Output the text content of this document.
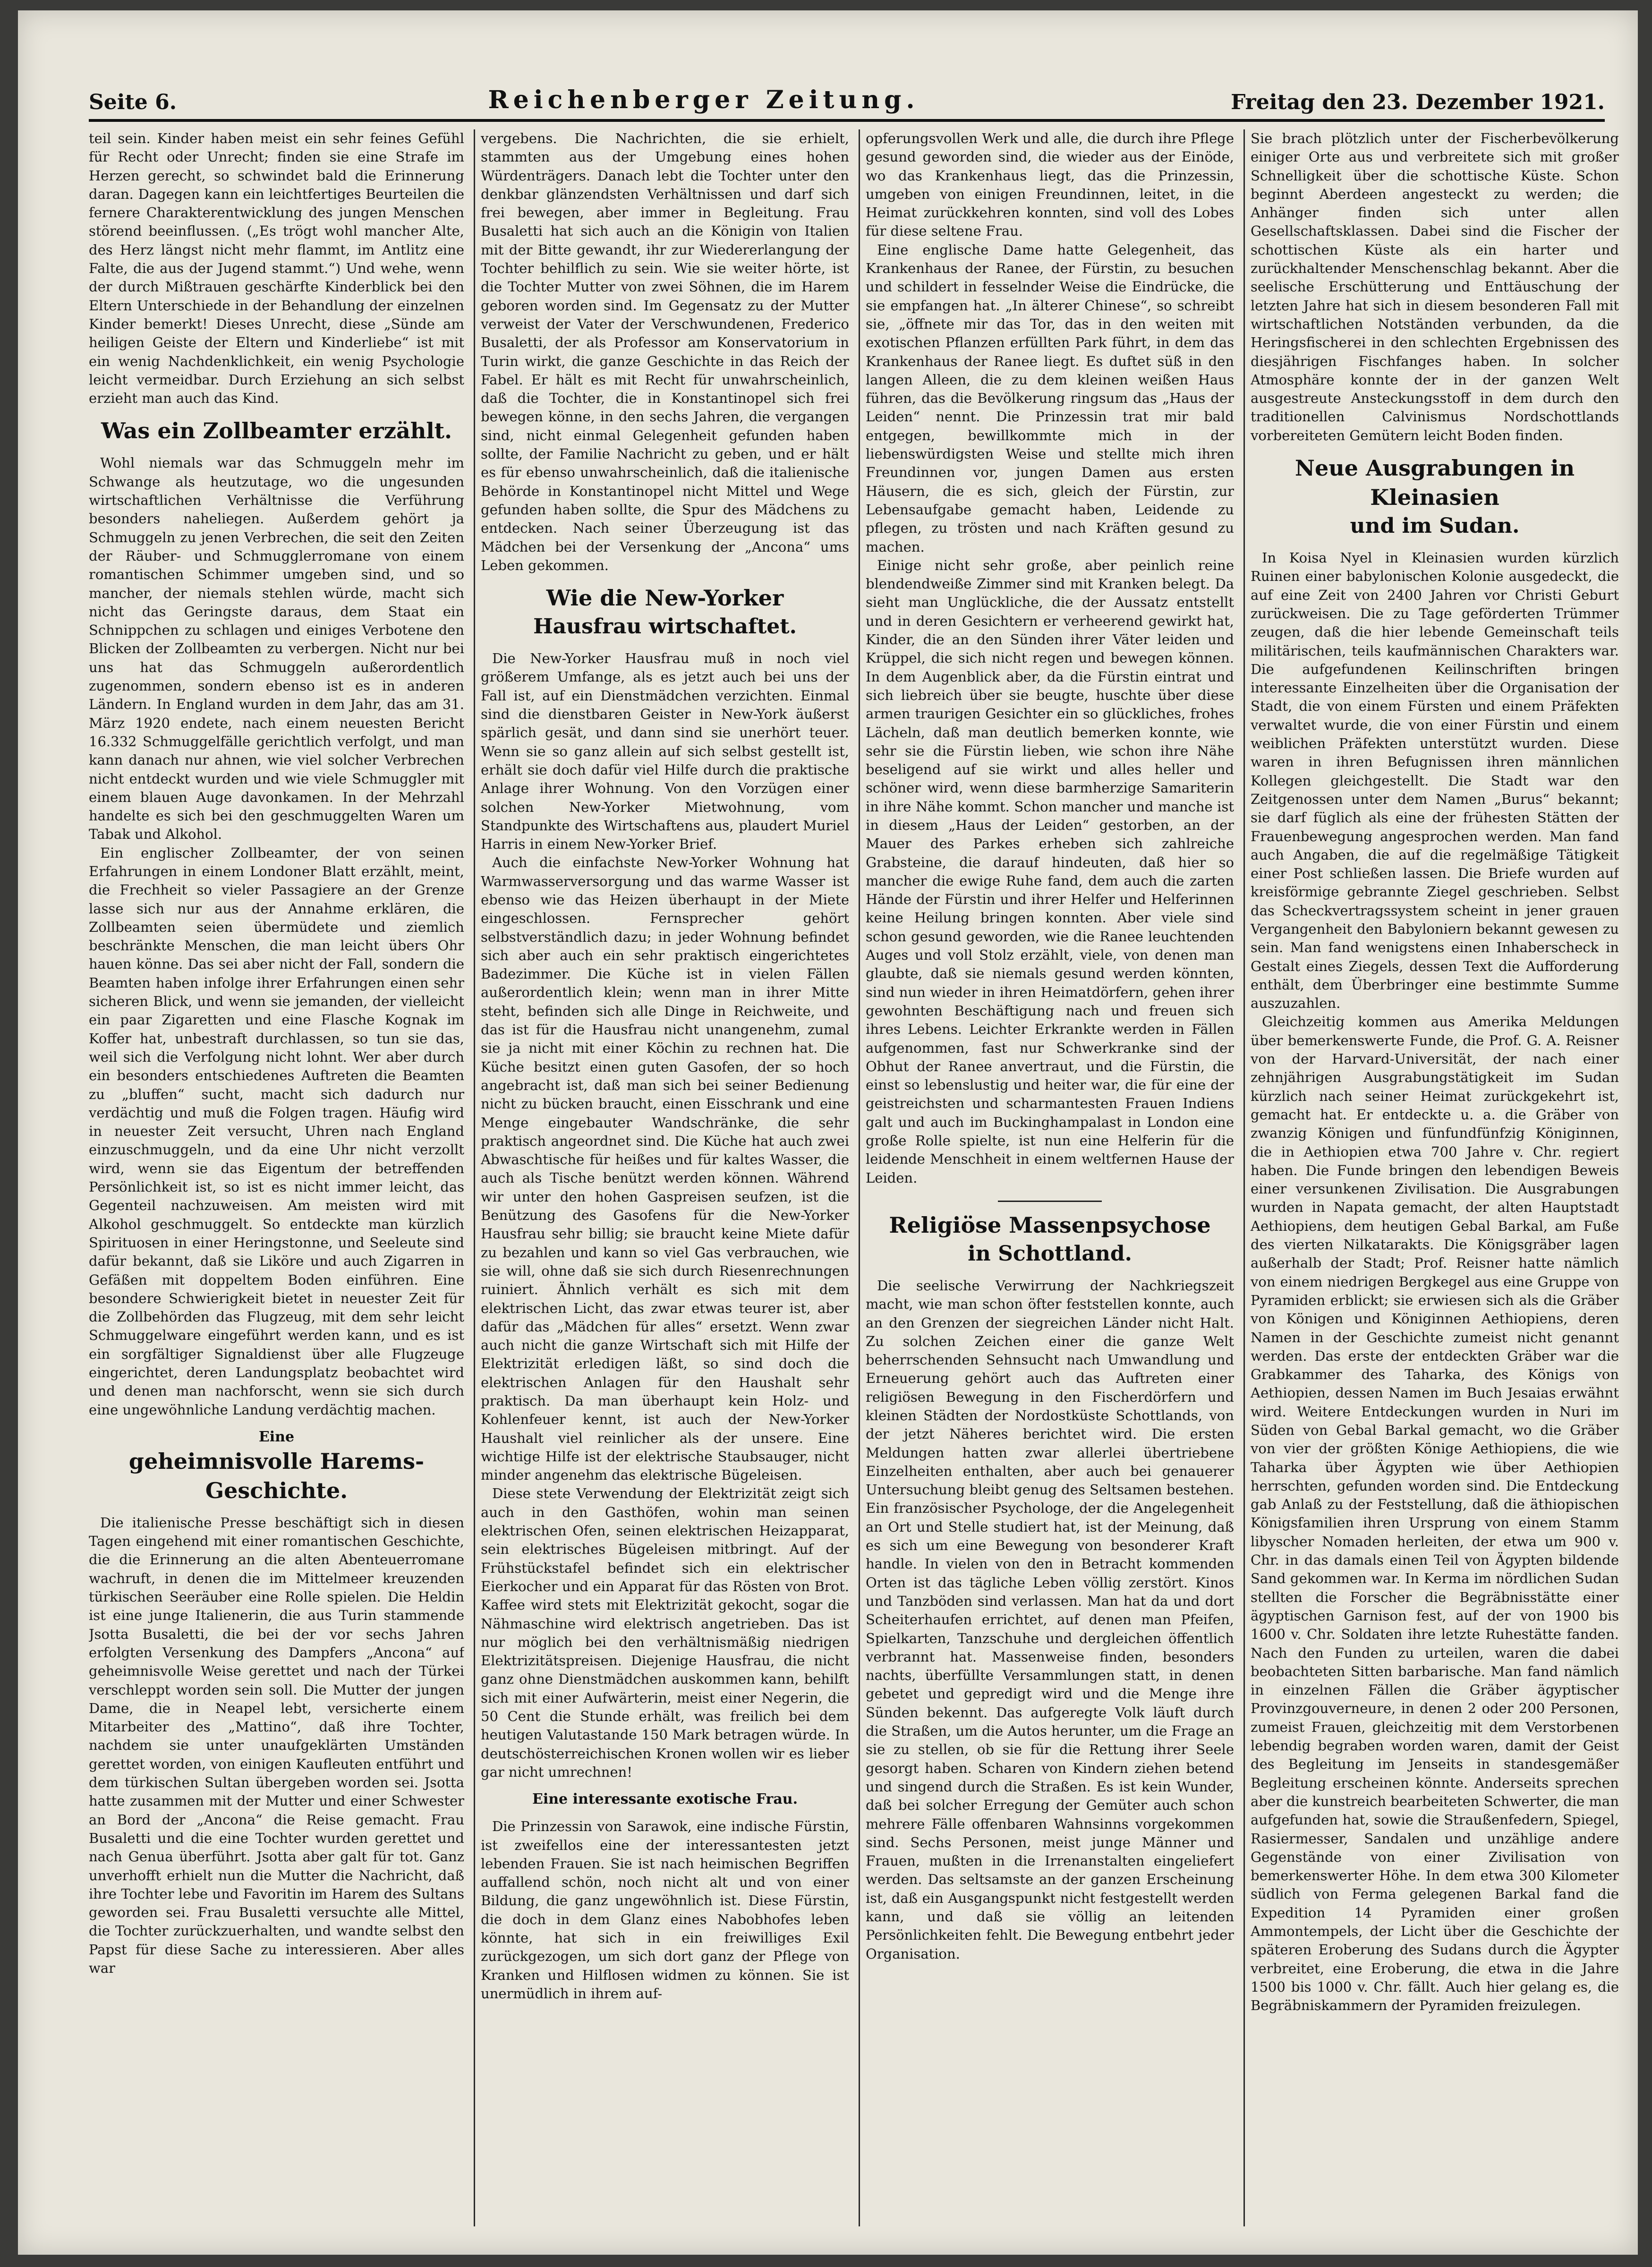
Seite 6.	Reichenberger Zeitung.	Freitag den 23. Dezember 1921.

teil sein. Kinder haben meist ein sehr feines Gefühl für Recht oder Unrecht; finden sie eine Strafe im Herzen gerecht, so schwindet bald die Erinnerung daran. Dagegen kann ein leichtfertiges Beurteilen die fernere Charakterentwicklung des jungen Menschen störend beeinflussen. („Es trögt wohl mancher Alte, des Herz längst nicht mehr flammt, im Antlitz eine Falte, die aus der Jugend stammt.“) Und wehe, wenn der durch Mißtrauen geschärfte Kinderblick bei den Eltern Unterschiede in der Behandlung der einzelnen Kinder bemerkt! Dieses Unrecht, diese „Sünde am heiligen Geiste der Eltern und Kinderliebe“ ist mit ein wenig Nachdenklichkeit, ein wenig Psychologie leicht vermeidbar. Durch Erziehung an sich selbst erzieht man auch das Kind.

Was ein Zollbeamter erzählt.

Wohl niemals war das Schmuggeln mehr im Schwange als heutzutage, wo die ungesunden wirtschaftlichen Verhältnisse die Verführung besonders naheliegen. Außerdem gehört ja Schmuggeln zu jenen Verbrechen, die seit den Zeiten der Räuber- und Schmugglerromane von einem romantischen Schimmer umgeben sind, und so mancher, der niemals stehlen würde, macht sich nicht das Geringste daraus, dem Staat ein Schnippchen zu schlagen und einiges Verbotene den Blicken der Zollbeamten zu verbergen. Nicht nur bei uns hat das Schmuggeln außerordentlich zugenommen, sondern ebenso ist es in anderen Ländern. In England wurden in dem Jahr, das am 31. März 1920 endete, nach einem neuesten Bericht 16.332 Schmuggelfälle gerichtlich verfolgt, und man kann danach nur ahnen, wie viel solcher Verbrechen nicht entdeckt wurden und wie viele Schmuggler mit einem blauen Auge davonkamen. In der Mehrzahl handelte es sich bei den geschmuggelten Waren um Tabak und Alkohol.

Ein englischer Zollbeamter, der von seinen Erfahrungen in einem Londoner Blatt erzählt, meint, die Frechheit so vieler Passagiere an der Grenze lasse sich nur aus der Annahme erklären, die Zollbeamten seien übermüdete und ziemlich beschränkte Menschen, die man leicht übers Ohr hauen könne. Das sei aber nicht der Fall, sondern die Beamten haben infolge ihrer Erfahrungen einen sehr sicheren Blick, und wenn sie jemanden, der vielleicht ein paar Zigaretten und eine Flasche Kognak im Koffer hat, unbestraft durchlassen, so tun sie das, weil sich die Verfolgung nicht lohnt. Wer aber durch ein besonders entschiedenes Auftreten die Beamten zu „bluffen“ sucht, macht sich dadurch nur verdächtig und muß die Folgen tragen. Häufig wird in neuester Zeit versucht, Uhren nach England einzuschmuggeln, und da eine Uhr nicht verzollt wird, wenn sie das Eigentum der betreffenden Persönlichkeit ist, so ist es nicht immer leicht, das Gegenteil nachzuweisen. Am meisten wird mit Alkohol geschmuggelt. So entdeckte man kürzlich Spirituosen in einer Heringstonne, und Seeleute sind dafür bekannt, daß sie Liköre und auch Zigarren in Gefäßen mit doppeltem Boden einführen. Eine besondere Schwierigkeit bietet in neuester Zeit für die Zollbehörden das Flugzeug, mit dem sehr leicht Schmuggelware eingeführt werden kann, und es ist ein sorgfältiger Signaldienst über alle Flugzeuge eingerichtet, deren Landungsplatz beobachtet wird und denen man nachforscht, wenn sie sich durch eine ungewöhnliche Landung verdächtig machen.

Eine
geheimnisvolle Harems-Geschichte.

Die italienische Presse beschäftigt sich in diesen Tagen eingehend mit einer romantischen Geschichte, die die Erinnerung an die alten Abenteuerromane wachruft, in denen die im Mittelmeer kreuzenden türkischen Seeräuber eine Rolle spielen. Die Heldin ist eine junge Italienerin, die aus Turin stammende Jsotta Busaletti, die bei der vor sechs Jahren erfolgten Versenkung des Dampfers „Ancona“ auf geheimnisvolle Weise gerettet und nach der Türkei verschleppt worden sein soll. Die Mutter der jungen Dame, die in Neapel lebt, versicherte einem Mitarbeiter des „Mattino“, daß ihre Tochter, nachdem sie unter unaufgeklärten Umständen gerettet worden, von einigen Kaufleuten entführt und dem türkischen Sultan übergeben worden sei. Jsotta hatte zusammen mit der Mutter und einer Schwester an Bord der „Ancona“ die Reise gemacht. Frau Busaletti und die eine Tochter wurden gerettet und nach Genua überführt. Jsotta aber galt für tot. Ganz unverhofft erhielt nun die Mutter die Nachricht, daß ihre Tochter lebe und Favoritin im Harem des Sultans geworden sei. Frau Busaletti versuchte alle Mittel, die Tochter zurückzuerhalten, und wandte selbst den Papst für diese Sache zu interessieren. Aber alles war

vergebens. Die Nachrichten, die sie erhielt, stammten aus der Umgebung eines hohen Würdenträgers. Danach lebt die Tochter unter den denkbar glänzendsten Verhältnissen und darf sich frei bewegen, aber immer in Begleitung. Frau Busaletti hat sich auch an die Königin von Italien mit der Bitte gewandt, ihr zur Wiedererlangung der Tochter behilflich zu sein. Wie sie weiter hörte, ist die Tochter Mutter von zwei Söhnen, die im Harem geboren worden sind. Im Gegensatz zu der Mutter verweist der Vater der Verschwundenen, Frederico Busaletti, der als Professor am Konservatorium in Turin wirkt, die ganze Geschichte in das Reich der Fabel. Er hält es mit Recht für unwahrscheinlich, daß die Tochter, die in Konstantinopel sich frei bewegen könne, in den sechs Jahren, die vergangen sind, nicht einmal Gelegenheit gefunden haben sollte, der Familie Nachricht zu geben, und er hält es für ebenso unwahrscheinlich, daß die italienische Behörde in Konstantinopel nicht Mittel und Wege gefunden haben sollte, die Spur des Mädchens zu entdecken. Nach seiner Überzeugung ist das Mädchen bei der Versenkung der „Ancona“ ums Leben gekommen.

Wie die New-Yorker
Hausfrau wirtschaftet.

Die New-Yorker Hausfrau muß in noch viel größerem Umfange, als es jetzt auch bei uns der Fall ist, auf ein Dienstmädchen verzichten. Einmal sind die dienstbaren Geister in New-York äußerst spärlich gesät, und dann sind sie unerhört teuer. Wenn sie so ganz allein auf sich selbst gestellt ist, erhält sie doch dafür viel Hilfe durch die praktische Anlage ihrer Wohnung. Von den Vorzügen einer solchen New-Yorker Mietwohnung, vom Standpunkte des Wirtschaftens aus, plaudert Muriel Harris in einem New-Yorker Brief.

Auch die einfachste New-Yorker Wohnung hat Warmwasserversorgung und das warme Wasser ist ebenso wie das Heizen überhaupt in der Miete eingeschlossen. Fernsprecher gehört selbstverständlich dazu; in jeder Wohnung befindet sich aber auch ein sehr praktisch eingerichtetes Badezimmer. Die Küche ist in vielen Fällen außerordentlich klein; wenn man in ihrer Mitte steht, befinden sich alle Dinge in Reichweite, und das ist für die Hausfrau nicht unangenehm, zumal sie ja nicht mit einer Köchin zu rechnen hat. Die Küche besitzt einen guten Gasofen, der so hoch angebracht ist, daß man sich bei seiner Bedienung nicht zu bücken braucht, einen Eisschrank und eine Menge eingebauter Wandschränke, die sehr praktisch angeordnet sind. Die Küche hat auch zwei Abwaschtische für heißes und für kaltes Wasser, die auch als Tische benützt werden können. Während wir unter den hohen Gaspreisen seufzen, ist die Benützung des Gasofens für die New-Yorker Hausfrau sehr billig; sie braucht keine Miete dafür zu bezahlen und kann so viel Gas verbrauchen, wie sie will, ohne daß sie sich durch Riesenrechnungen ruiniert. Ähnlich verhält es sich mit dem elektrischen Licht, das zwar etwas teurer ist, aber dafür das „Mädchen für alles“ ersetzt. Wenn zwar auch nicht die ganze Wirtschaft sich mit Hilfe der Elektrizität erledigen läßt, so sind doch die elektrischen Anlagen für den Haushalt sehr praktisch. Da man überhaupt kein Holz- und Kohlenfeuer kennt, ist auch der New-Yorker Haushalt viel reinlicher als der unsere. Eine wichtige Hilfe ist der elektrische Staubsauger, nicht minder angenehm das elektrische Bügeleisen.

Diese stete Verwendung der Elektrizität zeigt sich auch in den Gasthöfen, wohin man seinen elektrischen Ofen, seinen elektrischen Heizapparat, sein elektrisches Bügeleisen mitbringt. Auf der Frühstückstafel befindet sich ein elektrischer Eierkocher und ein Apparat für das Rösten von Brot. Kaffee wird stets mit Elektrizität gekocht, sogar die Nähmaschine wird elektrisch angetrieben. Das ist nur möglich bei den verhältnismäßig niedrigen Elektrizitätspreisen. Diejenige Hausfrau, die nicht ganz ohne Dienstmädchen auskommen kann, behilft sich mit einer Aufwärterin, meist einer Negerin, die 50 Cent die Stunde erhält, was freilich bei dem heutigen Valutastande 150 Mark betragen würde. In deutschösterreichischen Kronen wollen wir es lieber gar nicht umrechnen!

Eine interessante exotische Frau.

Die Prinzessin von Sarawok, eine indische Fürstin, ist zweifellos eine der interessantesten jetzt lebenden Frauen. Sie ist nach heimischen Begriffen auffallend schön, noch nicht alt und von einer Bildung, die ganz ungewöhnlich ist. Diese Fürstin, die doch in dem Glanz eines Nabobhofes leben könnte, hat sich in ein freiwilliges Exil zurückgezogen, um sich dort ganz der Pflege von Kranken und Hilflosen widmen zu können. Sie ist unermüdlich in ihrem auf-

opferungsvollen Werk und alle, die durch ihre Pflege gesund geworden sind, die wieder aus der Einöde, wo das Krankenhaus liegt, das die Prinzessin, umgeben von einigen Freundinnen, leitet, in die Heimat zurückkehren konnten, sind voll des Lobes für diese seltene Frau.

Eine englische Dame hatte Gelegenheit, das Krankenhaus der Ranee, der Fürstin, zu besuchen und schildert in fesselnder Weise die Eindrücke, die sie empfangen hat. „In älterer Chinese“, so schreibt sie, „öffnete mir das Tor, das in den weiten mit exotischen Pflanzen erfüllten Park führt, in dem das Krankenhaus der Ranee liegt. Es duftet süß in den langen Alleen, die zu dem kleinen weißen Haus führen, das die Bevölkerung ringsum das „Haus der Leiden“ nennt. Die Prinzessin trat mir bald entgegen, bewillkommte mich in der liebenswürdigsten Weise und stellte mich ihren Freundinnen vor, jungen Damen aus ersten Häusern, die es sich, gleich der Fürstin, zur Lebensaufgabe gemacht haben, Leidende zu pflegen, zu trösten und nach Kräften gesund zu machen.

Einige nicht sehr große, aber peinlich reine blendendweiße Zimmer sind mit Kranken belegt. Da sieht man Unglückliche, die der Aussatz entstellt und in deren Gesichtern er verheerend gewirkt hat, Kinder, die an den Sünden ihrer Väter leiden und Krüppel, die sich nicht regen und bewegen können. In dem Augenblick aber, da die Fürstin eintrat und sich liebreich über sie beugte, huschte über diese armen traurigen Gesichter ein so glückliches, frohes Lächeln, daß man deutlich bemerken konnte, wie sehr sie die Fürstin lieben, wie schon ihre Nähe beseligend auf sie wirkt und alles heller und schöner wird, wenn diese barmherzige Samariterin in ihre Nähe kommt. Schon mancher und manche ist in diesem „Haus der Leiden“ gestorben, an der Mauer des Parkes erheben sich zahlreiche Grabsteine, die darauf hindeuten, daß hier so mancher die ewige Ruhe fand, dem auch die zarten Hände der Fürstin und ihrer Helfer und Helferinnen keine Heilung bringen konnten. Aber viele sind schon gesund geworden, wie die Ranee leuchtenden Auges und voll Stolz erzählt, viele, von denen man glaubte, daß sie niemals gesund werden könnten, sind nun wieder in ihren Heimatdörfern, gehen ihrer gewohnten Beschäftigung nach und freuen sich ihres Lebens. Leichter Erkrankte werden in Fällen aufgenommen, fast nur Schwerkranke sind der Obhut der Ranee anvertraut, und die Fürstin, die einst so lebenslustig und heiter war, die für eine der geistreichsten und scharmantesten Frauen Indiens galt und auch im Buckinghampalast in London eine große Rolle spielte, ist nun eine Helferin für die leidende Menschheit in einem weltfernen Hause der Leiden.

Religiöse Massenpsychose
in Schottland.

Die seelische Verwirrung der Nachkriegszeit macht, wie man schon öfter feststellen konnte, auch an den Grenzen der siegreichen Länder nicht Halt. Zu solchen Zeichen einer die ganze Welt beherrschenden Sehnsucht nach Umwandlung und Erneuerung gehört auch das Auftreten einer religiösen Bewegung in den Fischerdörfern und kleinen Städten der Nordostküste Schottlands, von der jetzt Näheres berichtet wird. Die ersten Meldungen hatten zwar allerlei übertriebene Einzelheiten enthalten, aber auch bei genauerer Untersuchung bleibt genug des Seltsamen bestehen. Ein französischer Psychologe, der die Angelegenheit an Ort und Stelle studiert hat, ist der Meinung, daß es sich um eine Bewegung von besonderer Kraft handle. In vielen von den in Betracht kommenden Orten ist das tägliche Leben völlig zerstört. Kinos und Tanzböden sind verlassen. Man hat da und dort Scheiterhaufen errichtet, auf denen man Pfeifen, Spielkarten, Tanzschuhe und dergleichen öffentlich verbrannt hat. Massenweise finden, besonders nachts, überfüllte Versammlungen statt, in denen gebetet und gepredigt wird und die Menge ihre Sünden bekennt. Das aufgeregte Volk läuft durch die Straßen, um die Autos herunter, um die Frage an sie zu stellen, ob sie für die Rettung ihrer Seele gesorgt haben. Scharen von Kindern ziehen betend und singend durch die Straßen. Es ist kein Wunder, daß bei solcher Erregung der Gemüter auch schon mehrere Fälle offenbaren Wahnsinns vorgekommen sind. Sechs Personen, meist junge Männer und Frauen, mußten in die Irrenanstalten eingeliefert werden. Das seltsamste an der ganzen Erscheinung ist, daß ein Ausgangspunkt nicht festgestellt werden kann, und daß sie völlig an leitenden Persönlichkeiten fehlt. Die Bewegung entbehrt jeder Organisation.

Sie brach plötzlich unter der Fischerbevölkerung einiger Orte aus und verbreitete sich mit großer Schnelligkeit über die schottische Küste. Schon beginnt Aberdeen angesteckt zu werden; die Anhänger finden sich unter allen Gesellschaftsklassen. Dabei sind die Fischer der schottischen Küste als ein harter und zurückhaltender Menschenschlag bekannt. Aber die seelische Erschütterung und Enttäuschung der letzten Jahre hat sich in diesem besonderen Fall mit wirtschaftlichen Notständen verbunden, da die Heringsfischerei in den schlechten Ergebnissen des diesjährigen Fischfanges haben. In solcher Atmosphäre konnte der in der ganzen Welt ausgestreute Ansteckungsstoff in dem durch den traditionellen Calvinismus Nordschottlands vorbereiteten Gemütern leicht Boden finden.

Neue Ausgrabungen in Kleinasien
und im Sudan.

In Koisa Nyel in Kleinasien wurden kürzlich Ruinen einer babylonischen Kolonie ausgedeckt, die auf eine Zeit von 2400 Jahren vor Christi Geburt zurückweisen. Die zu Tage geförderten Trümmer zeugen, daß die hier lebende Gemeinschaft teils militärischen, teils kaufmännischen Charakters war. Die aufgefundenen Keilinschriften bringen interessante Einzelheiten über die Organisation der Stadt, die von einem Fürsten und einem Präfekten verwaltet wurde, die von einer Fürstin und einem weiblichen Präfekten unterstützt wurden. Diese waren in ihren Befugnissen ihren männlichen Kollegen gleichgestellt. Die Stadt war den Zeitgenossen unter dem Namen „Burus“ bekannt; sie darf füglich als eine der frühesten Stätten der Frauenbewegung angesprochen werden. Man fand auch Angaben, die auf die regelmäßige Tätigkeit einer Post schließen lassen. Die Briefe wurden auf kreisförmige gebrannte Ziegel geschrieben. Selbst das Scheckvertragssystem scheint in jener grauen Vergangenheit den Babyloniern bekannt gewesen zu sein. Man fand wenigstens einen Inhaberscheck in Gestalt eines Ziegels, dessen Text die Aufforderung enthält, dem Überbringer eine bestimmte Summe auszuzahlen.

Gleichzeitig kommen aus Amerika Meldungen über bemerkenswerte Funde, die Prof. G. A. Reisner von der Harvard-Universität, der nach einer zehnjährigen Ausgrabungstätigkeit im Sudan kürzlich nach seiner Heimat zurückgekehrt ist, gemacht hat. Er entdeckte u. a. die Gräber von zwanzig Königen und fünfundfünfzig Königinnen, die in Aethiopien etwa 700 Jahre v. Chr. regiert haben. Die Funde bringen den lebendigen Beweis einer versunkenen Zivilisation. Die Ausgrabungen wurden in Napata gemacht, der alten Hauptstadt Aethiopiens, dem heutigen Gebal Barkal, am Fuße des vierten Nilkatarakts. Die Königsgräber lagen außerhalb der Stadt; Prof. Reisner hatte nämlich von einem niedrigen Bergkegel aus eine Gruppe von Pyramiden erblickt; sie erwiesen sich als die Gräber von Königen und Königinnen Aethiopiens, deren Namen in der Geschichte zumeist nicht genannt werden. Das erste der entdeckten Gräber war die Grabkammer des Taharka, des Königs von Aethiopien, dessen Namen im Buch Jesaias erwähnt wird. Weitere Entdeckungen wurden in Nuri im Süden von Gebal Barkal gemacht, wo die Gräber von vier der größten Könige Aethiopiens, die wie Taharka über Ägypten wie über Aethiopien herrschten, gefunden worden sind. Die Entdeckung gab Anlaß zu der Feststellung, daß die äthiopischen Königsfamilien ihren Ursprung von einem Stamm libyscher Nomaden herleiten, der etwa um 900 v. Chr. in das damals einen Teil von Ägypten bildende Sand gekommen war. In Kerma im nördlichen Sudan stellten die Forscher die Begräbnisstätte einer ägyptischen Garnison fest, auf der von 1900 bis 1600 v. Chr. Soldaten ihre letzte Ruhestätte fanden. Nach den Funden zu urteilen, waren die dabei beobachteten Sitten barbarische. Man fand nämlich in einzelnen Fällen die Gräber ägyptischer Provinzgouverneure, in denen 2 oder 200 Personen, zumeist Frauen, gleichzeitig mit dem Verstorbenen lebendig begraben worden waren, damit der Geist des Begleitung im Jenseits in standesgemäßer Begleitung erscheinen könnte. Anderseits sprechen aber die kunstreich bearbeiteten Schwerter, die man aufgefunden hat, sowie die Straußenfedern, Spiegel, Rasiermesser, Sandalen und unzählige andere Gegenstände von einer Zivilisation von bemerkenswerter Höhe. In dem etwa 300 Kilometer südlich von Ferma gelegenen Barkal fand die Expedition 14 Pyramiden einer großen Ammontempels, der Licht über die Geschichte der späteren Eroberung des Sudans durch die Ägypter verbreitet, eine Eroberung, die etwa in die Jahre 1500 bis 1000 v. Chr. fällt. Auch hier gelang es, die Begräbniskammern der Pyramiden freizulegen.
